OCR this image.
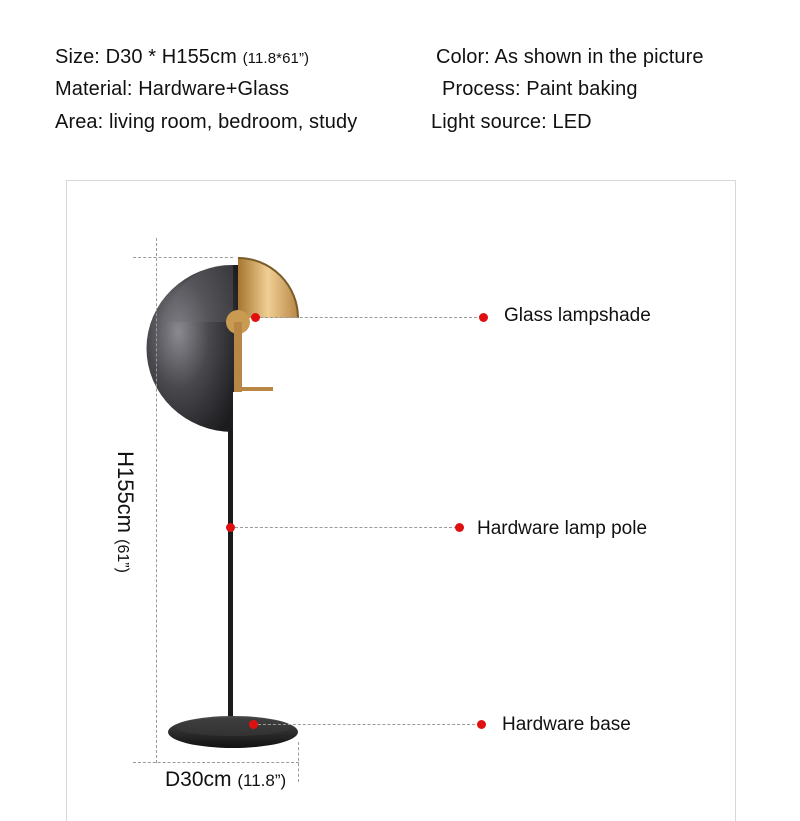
Size: D30 * H155cm (11.8*61”)	Color: As shown in the picture
Material: Hardware+Glass	Process: Paint baking
Area: living room, bedroom, study	Light source: LED
H155cm (61”)
D30cm (11.8”)
Glass lampshade
Hardware lamp pole
Hardware base
